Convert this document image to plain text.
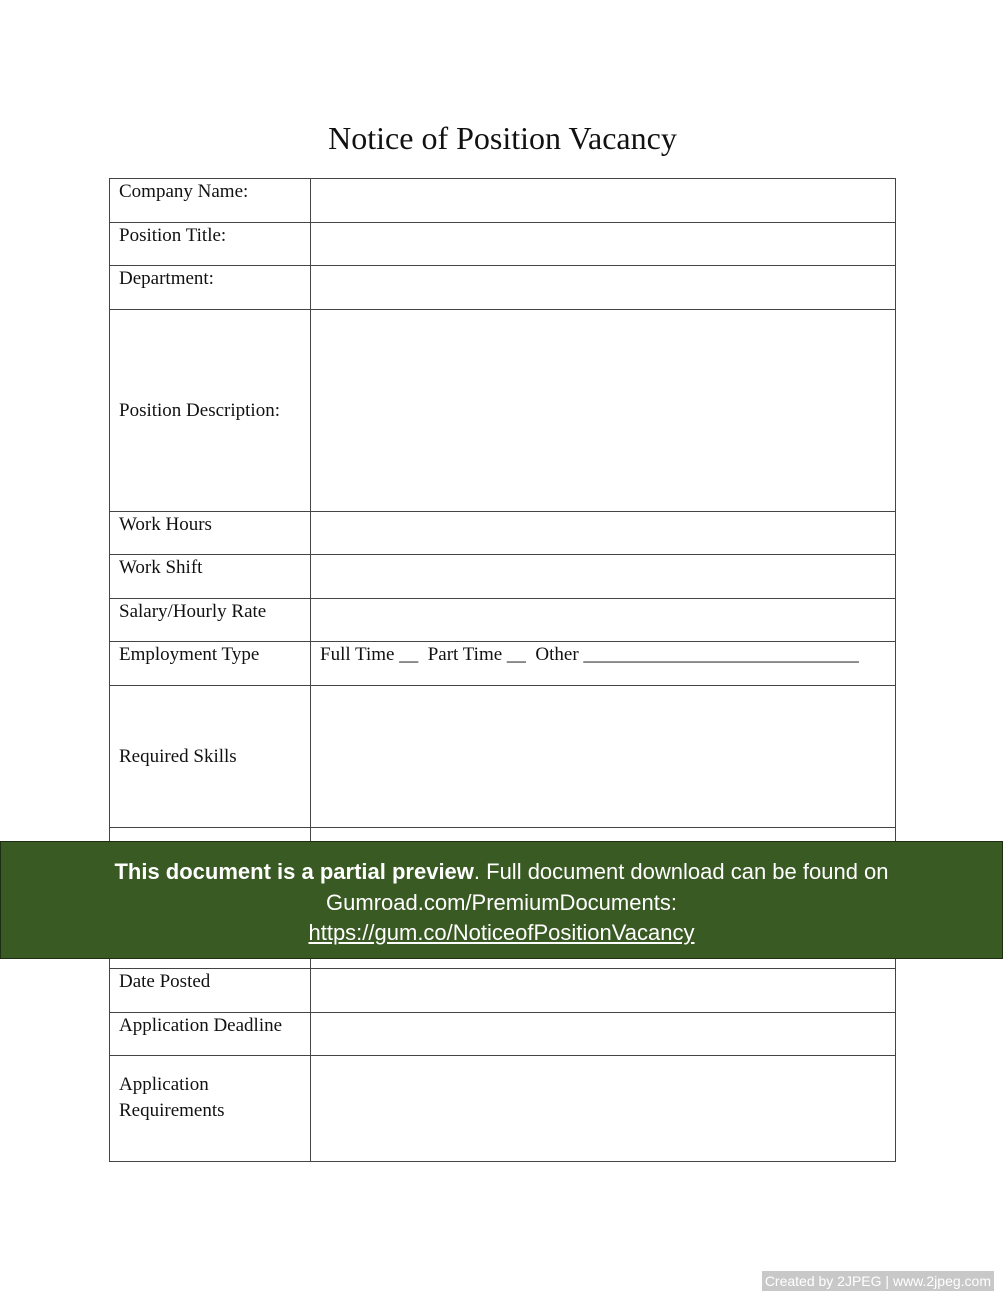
Notice of Position Vacancy
Company Name:	
Position Title:	
Department:	
Position Description:	
Work Hours	
Work Shift	
Salary/Hourly Rate	
Employment Type	Full Time __  Part Time __  Other _____________________________
Required Skills	

Date Posted	
Application Deadline	

Application
Requirements	

This document is a partial preview. Full document download can be found on
Gumroad.com/PremiumDocuments:
https://gum.co/NoticeofPositionVacancy
Created by 2JPEG | www.2jpeg.com
